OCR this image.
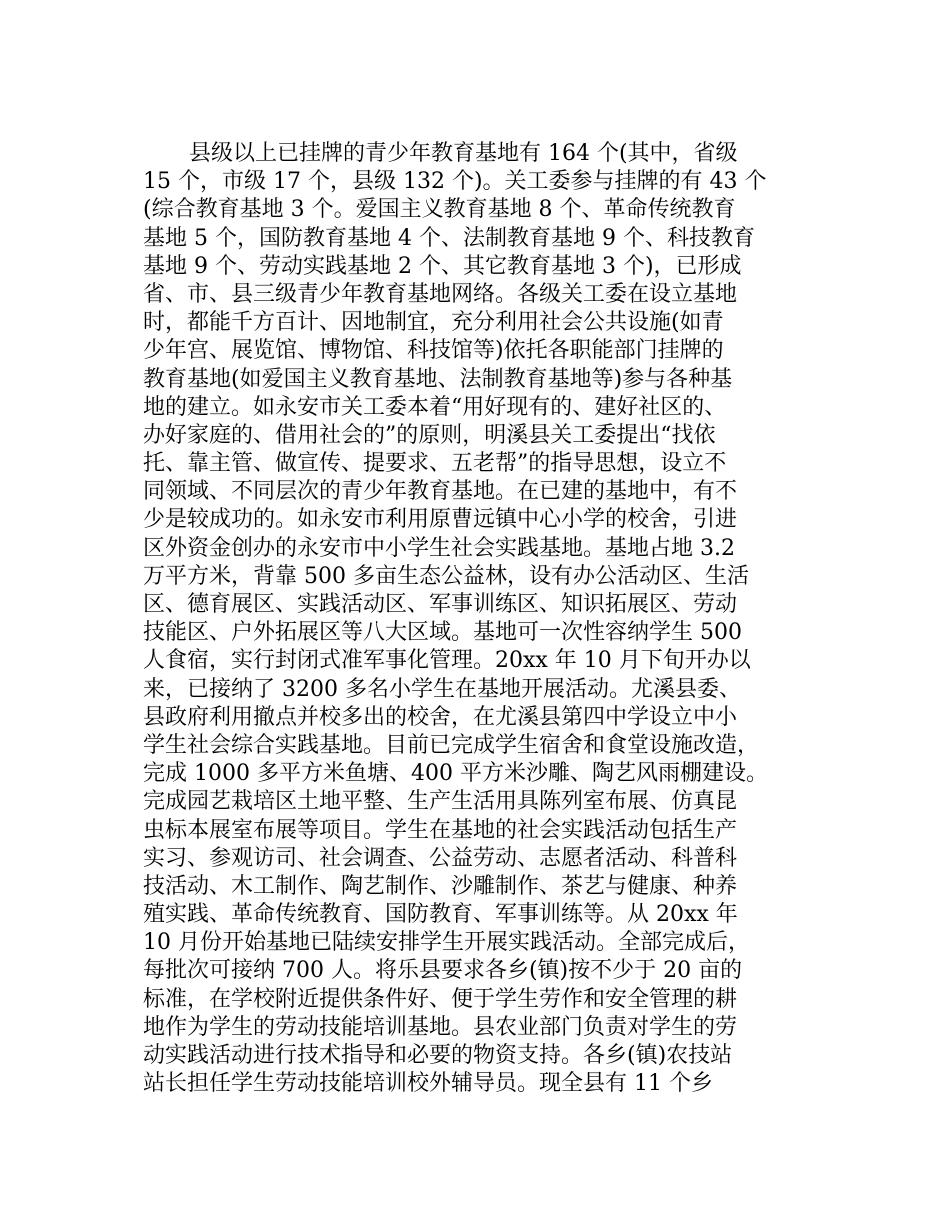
县级以上已挂牌的青少年教育基地有 164 个(其中，省级
15 个，市级 17 个，县级 132 个)。关工委参与挂牌的有 43 个
(综合教育基地 3 个。爱国主义教育基地 8 个、革命传统教育
基地 5 个，国防教育基地 4 个、法制教育基地 9 个、科技教育
基地 9 个、劳动实践基地 2 个、其它教育基地 3 个)，已形成
省、市、县三级青少年教育基地网络。各级关工委在设立基地
时，都能千方百计、因地制宜，充分利用社会公共设施(如青
少年宫、展览馆、博物馆、科技馆等)依托各职能部门挂牌的
教育基地(如爱国主义教育基地、法制教育基地等)参与各种基
地的建立。如永安市关工委本着“用好现有的、建好社区的、
办好家庭的、借用社会的”的原则，明溪县关工委提出“找依
托、靠主管、做宣传、提要求、五老帮”的指导思想，设立不
同领域、不同层次的青少年教育基地。在已建的基地中，有不
少是较成功的。如永安市利用原曹远镇中心小学的校舍，引进
区外资金创办的永安市中小学生社会实践基地。基地占地 3.2
万平方米，背靠 500 多亩生态公益林，设有办公活动区、生活
区、德育展区、实践活动区、军事训练区、知识拓展区、劳动
技能区、户外拓展区等八大区域。基地可一次性容纳学生 500
人食宿，实行封闭式准军事化管理。20xx 年 10 月下旬开办以
来，已接纳了 3200 多名小学生在基地开展活动。尤溪县委、
县政府利用撤点并校多出的校舍，在尤溪县第四中学设立中小
学生社会综合实践基地。目前已完成学生宿舍和食堂设施改造，
完成 1000 多平方米鱼塘、400 平方米沙雕、陶艺风雨棚建设。
完成园艺栽培区土地平整、生产生活用具陈列室布展、仿真昆
虫标本展室布展等项目。学生在基地的社会实践活动包括生产
实习、参观访司、社会调查、公益劳动、志愿者活动、科普科
技活动、木工制作、陶艺制作、沙雕制作、茶艺与健康、种养
殖实践、革命传统教育、国防教育、军事训练等。从 20xx 年
10 月份开始基地已陆续安排学生开展实践活动。全部完成后，
每批次可接纳 700 人。将乐县要求各乡(镇)按不少于 20 亩的
标准，在学校附近提供条件好、便于学生劳作和安全管理的耕
地作为学生的劳动技能培训基地。县农业部门负责对学生的劳
动实践活动进行技术指导和必要的物资支持。各乡(镇)农技站
站长担任学生劳动技能培训校外辅导员。现全县有 11 个乡
